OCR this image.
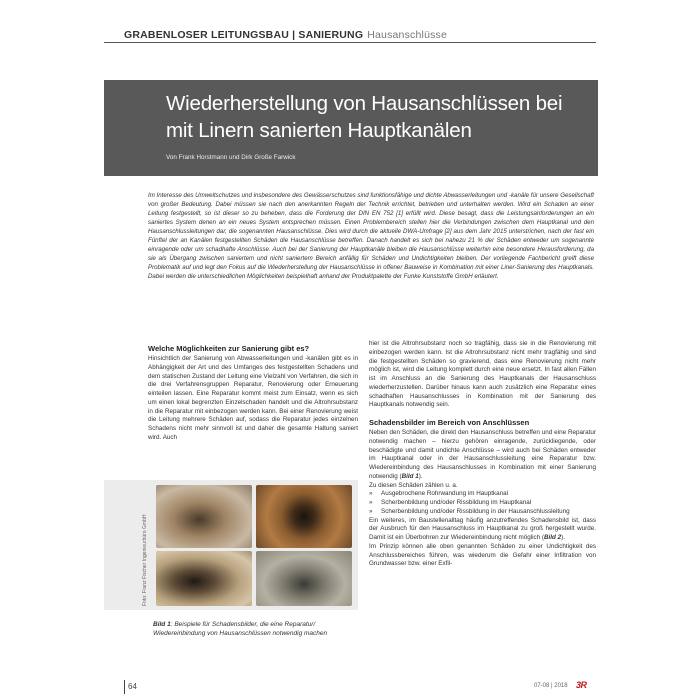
GRABENLOSER LEITUNGSBAU | SANIERUNG Hausanschlüsse
Wiederherstellung von Hausanschlüssen bei mit Linern sanierten Hauptkanälen
Von Frank Horstmann und Dirk Große Farwick

Im Interesse des Umweltschutzes und insbesondere des Gewässerschutzes sind funktionsfähige und dichte Abwasserleitungen und -kanäle für unsere Gesellschaft von großer Bedeutung. Dabei müssen sie nach den anerkannten Regeln der Technik errichtet, betrieben und unterhalten werden. Wird ein Schaden an einer Leitung festgestellt, so ist dieser so zu beheben, dass die Forderung der DIN EN 752 [1] erfüllt wird. Diese besagt, dass die Leistungsanforderungen an ein saniertes System denen an ein neues System entsprechen müssen. Einen Problembereich stellen hier die Verbindungen zwischen dem Hauptkanal und den Hausanschlussleitungen dar, die sogenannten Hausanschlüsse. Dies wird durch die aktuelle DWA-Umfrage [2] aus dem Jahr 2015 unterstrichen, nach der fast ein Fünftel der an Kanälen festgestellten Schäden die Hausanschlüsse betreffen. Danach handelt es sich bei nahezu 21 % der Schäden entweder um sogenannte einragende oder um schadhafte Anschlüsse. Auch bei der Sanierung der Hauptkanäle bleiben die Hausanschlüsse weiterhin eine besondere Herausforderung, da sie als Übergang zwischen saniertem und nicht saniertem Bereich anfällig für Schäden und Undichtigkeiten bleiben. Der vorliegende Fachbericht greift diese Problematik auf und legt den Fokus auf die Wiederherstellung der Hausanschlüsse in offener Bauweise in Kombination mit einer Liner-Sanierung des Hauptkanals. Dabei werden die unterschiedlichen Möglichkeiten beispielhaft anhand der Produktpalette der Funke Kunststoffe GmbH erläutert.

Welche Möglichkeiten zur Sanierung gibt es?

Hinsichtlich der Sanierung von Abwasserleitungen und -kanälen gibt es in Abhängigkeit der Art und des Umfanges des festgestellten Schadens und dem statischen Zustand der Leitung eine Vielzahl von Verfahren, die sich in die drei Verfahrensgruppen Reparatur, Renovierung oder Erneuerung einteilen lassen. Eine Reparatur kommt meist zum Einsatz, wenn es sich um einen lokal begrenzten Einzelschaden handelt und die Altrohrsubstanz in die Reparatur mit einbezogen werden kann. Bei einer Renovierung weist die Leitung mehrere Schäden auf, sodass die Reparatur jedes einzelnen Schadens nicht mehr sinnvoll ist und daher die gesamte Haltung saniert wird. Auch

hier ist die Altrohrsubstanz noch so tragfähig, dass sie in die Renovierung mit einbezogen werden kann. Ist die Altrohrsubstanz nicht mehr tragfähig und sind die festgestellten Schäden so gravierend, dass eine Renovierung nicht mehr möglich ist, wird die Leitung komplett durch eine neue ersetzt. In fast allen Fällen ist im Anschluss an die Sanierung des Hauptkanals der Hausanschluss wiederherzustellen. Darüber hinaus kann auch zusätzlich eine Reparatur eines schadhaften Hausanschlusses in Kombination mit der Sanierung des Hauptkanals notwendig sein.

Schadensbilder im Bereich von Anschlüssen

Neben den Schäden, die direkt den Hausanschluss betreffen und eine Reparatur notwendig machen – hierzu gehören einragende, zurückliegende, oder beschädigte und damit undichte Anschlüsse – wird auch bei Schäden entweder im Hauptkanal oder in der Hausanschlussleitung eine Reparatur bzw. Wiedereinbindung des Hausanschlusses in Kombination mit einer Sanierung notwendig (Bild 1).

Zu diesen Schäden zählen u. a.

» Ausgebrochene Rohrwandung im Hauptkanal
» Scherbenbildung und/oder Rissbildung im Hauptkanal
» Scherbenbildung und/oder Rissbildung in der Hausanschlussleitung

Ein weiteres, im Baustellenalltag häufig anzutreffendes Schadensbild ist, dass der Ausbruch für den Hausanschluss im Hauptkanal zu groß hergestellt wurde. Damit ist ein Überbohren zur Wiedereinbindung nicht möglich (Bild 2).

Im Prinzip können alle oben genannten Schäden zu einer Undichtigkeit des Anschlussbereiches führen, was wiederum die Gefahr einer Infiltration von Grundwasser bzw. einer Exfil-

Foto: Franz Fischer Ingenieurbüro GmbH
Bild 1: Beispiele für Schadensbilder, die eine Reparatur/ Wiedereinbindung von Hausanschlüssen notwendig machen
64	07-08 | 2018 3R
